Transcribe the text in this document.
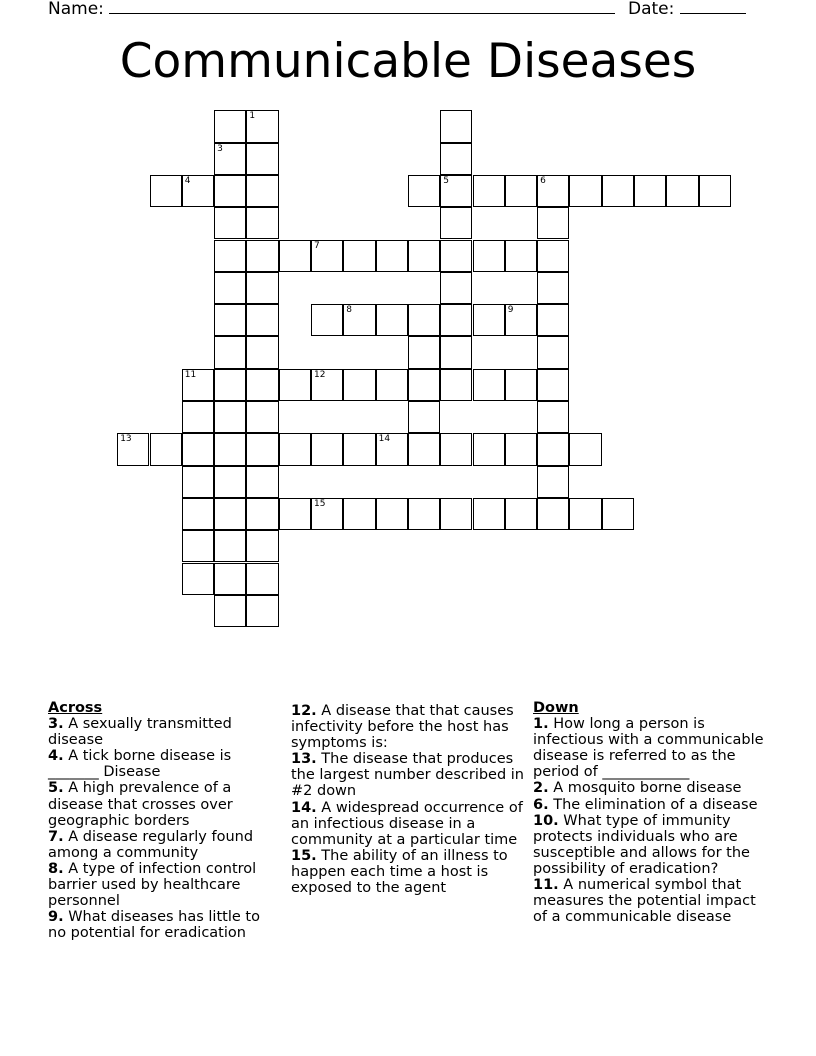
Name:	Date:
Communicable Diseases
1
3
5
4	6
7
8	9
11	12
13	14
15
Across
3. A sexually transmitted disease
4. A tick borne disease is _______ Disease
5. A high prevalence of a disease that crosses over geographic borders
7. A disease regularly found among a community
8. A type of infection control barrier used by healthcare personnel
9. What diseases has little to no potential for eradication
12. A disease that that causes infectivity before the host has symptoms is:
13. The disease that produces the largest number described in #2 down
14. A widespread occurrence of an infectious disease in a community at a particular time
15. The ability of an illness to happen each time a host is exposed to the agent
Down
1. How long a person is infectious with a communicable disease is referred to as the period of ____________
2. A mosquito borne disease
6. The elimination of a disease
10. What type of immunity protects individuals who are susceptible and allows for the possibility of eradication?
11. A numerical symbol that measures the potential impact of a communicable disease
